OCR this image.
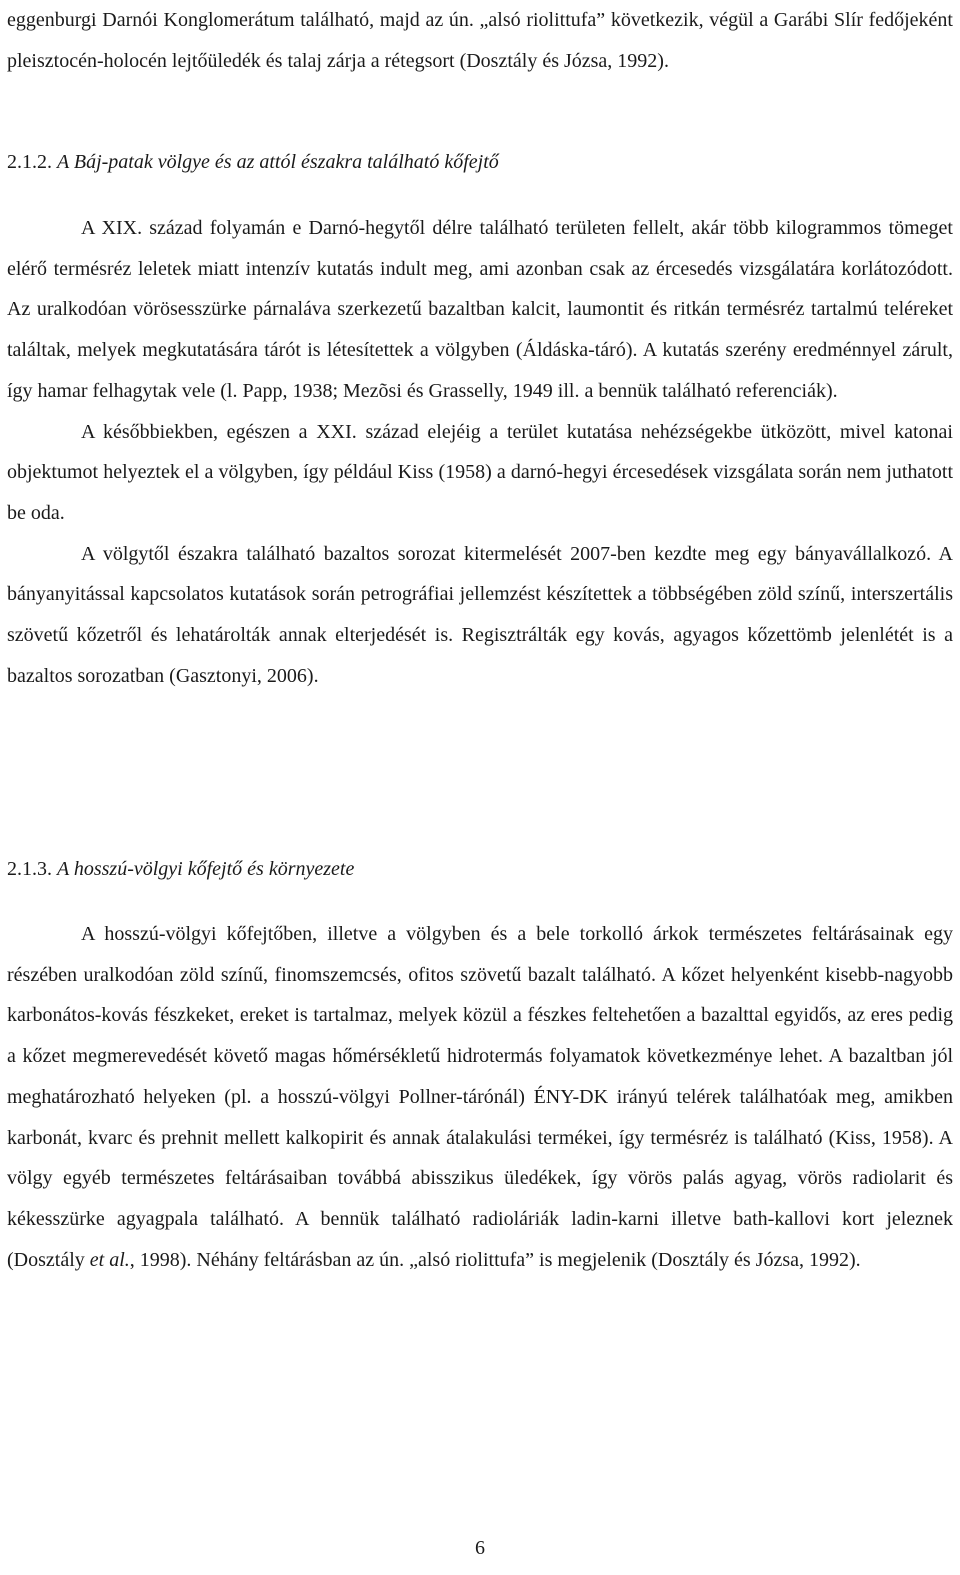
eggenburgi Darnói Konglomerátum található, majd az ún. „alsó riolittufa” következik, végül a Garábi Slír fedőjeként pleisztocén-holocén lejtőüledék és talaj zárja a rétegsort (Dosztály és Józsa, 1992).

2.1.2. A Báj-patak völgye és az attól északra található kőfejtő

A XIX. század folyamán e Darnó-hegytől délre található területen fellelt, akár több kilogrammos tömeget elérő termésréz leletek miatt intenzív kutatás indult meg, ami azonban csak az ércesedés vizsgálatára korlátozódott. Az uralkodóan vörösesszürke párnaláva szerkezetű bazaltban kalcit, laumontit és ritkán termésréz tartalmú teléreket találtak, melyek megkutatására tárót is létesítettek a völgyben (Áldáska-táró). A kutatás szerény eredménnyel zárult, így hamar felhagytak vele (l. Papp, 1938; Mezõsi és Grasselly, 1949 ill. a bennük található referenciák).

A későbbiekben, egészen a XXI. század elejéig a terület kutatása nehézségekbe ütközött, mivel katonai objektumot helyeztek el a völgyben, így például Kiss (1958) a darnó-hegyi ércesedések vizsgálata során nem juthatott be oda.

A völgytől északra található bazaltos sorozat kitermelését 2007-ben kezdte meg egy bányavállalkozó. A bányanyitással kapcsolatos kutatások során petrográfiai jellemzést készítettek a többségében zöld színű, interszertális szövetű kőzetről és lehatárolták annak elterjedését is. Regisztrálták egy kovás, agyagos kőzettömb jelenlétét is a bazaltos sorozatban (Gasztonyi, 2006).

2.1.3. A hosszú-völgyi kőfejtő és környezete

A hosszú-völgyi kőfejtőben, illetve a völgyben és a bele torkolló árkok természetes feltárásainak egy részében uralkodóan zöld színű, finomszemcsés, ofitos szövetű bazalt található. A kőzet helyenként kisebb-nagyobb karbonátos-kovás fészkeket, ereket is tartalmaz, melyek közül a fészkes feltehetően a bazalttal egyidős, az eres pedig a kőzet megmerevedését követő magas hőmérsékletű hidrotermás folyamatok következménye lehet. A bazaltban jól meghatározható helyeken (pl. a hosszú-völgyi Pollner-tárónál) ÉNY-DK irányú telérek találhatóak meg, amikben karbonát, kvarc és prehnit mellett kalkopirit és annak átalakulási termékei, így termésréz is található (Kiss, 1958). A völgy egyéb természetes feltárásaiban továbbá abisszikus üledékek, így vörös palás agyag, vörös radiolarit és kékesszürke agyagpala található. A bennük található radioláriák ladin-karni illetve bath-kallovi kort jeleznek (Dosztály et al., 1998). Néhány feltárásban az ún. „alsó riolittufa” is megjelenik (Dosztály és Józsa, 1992).

6
